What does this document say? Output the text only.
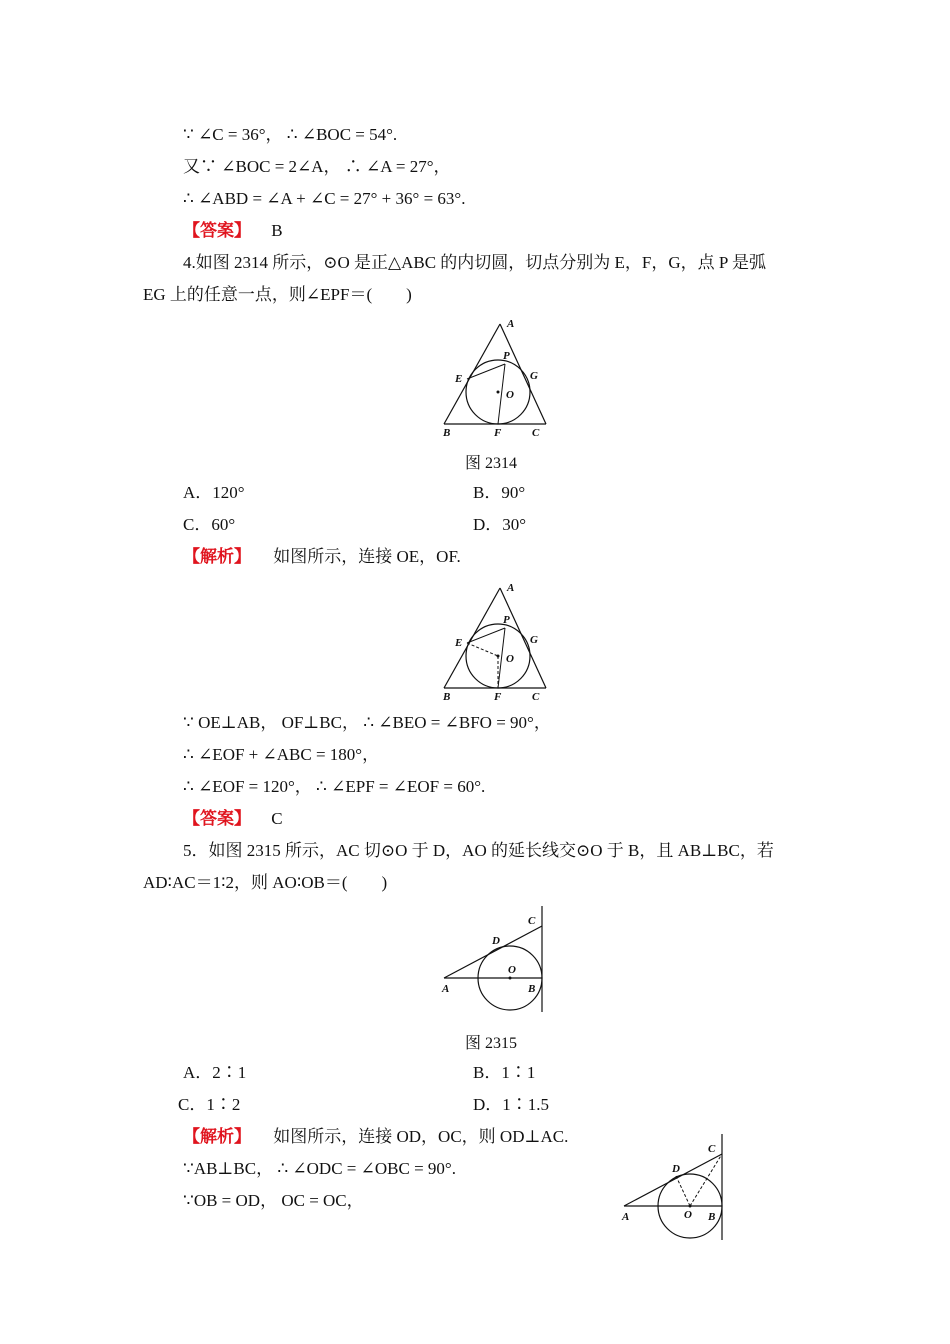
∵ ∠C = 36°， ∴ ∠BOC = 54°.
又∵ ∠BOC = 2∠A， ∴ ∠A = 27°，
∴ ∠ABD = ∠A + ∠C = 27° + 36° = 63°.
【答案】 B
4.如图 2314 所示，⊙O 是正△ABC 的内切圆，切点分别为 E，F，G，点 P 是弧
EG 上的任意一点，则∠EPF＝(　　)
A
P
G
E
O
B	F	C
图 2314
A．120°	B．90°
C．60°	D．30°
【解析】 如图所示，连接 OE，OF.
A
P
G
E
O
B	F	C
∵ OE⊥AB， OF⊥BC， ∴ ∠BEO = ∠BFO = 90°，
∴ ∠EOF + ∠ABC = 180°，
∴ ∠EOF = 120°， ∴ ∠EPF = ∠EOF = 60°.
【答案】 C
5．如图 2315 所示，AC 切⊙O 于 D，AO 的延长线交⊙O 于 B，且 AB⊥BC，若
AD∶AC＝1∶2，则 AO∶OB＝(　　)
C
D
O
A	B
图 2315
A．2∶1	B．1∶1
C．1∶2	D．1∶1.5
【解析】 如图所示，连接 OD，OC，则 OD⊥AC.
∵AB⊥BC， ∴ ∠ODC = ∠OBC = 90°.
∵OB = OD， OC = OC，
C
D
O
A	B
